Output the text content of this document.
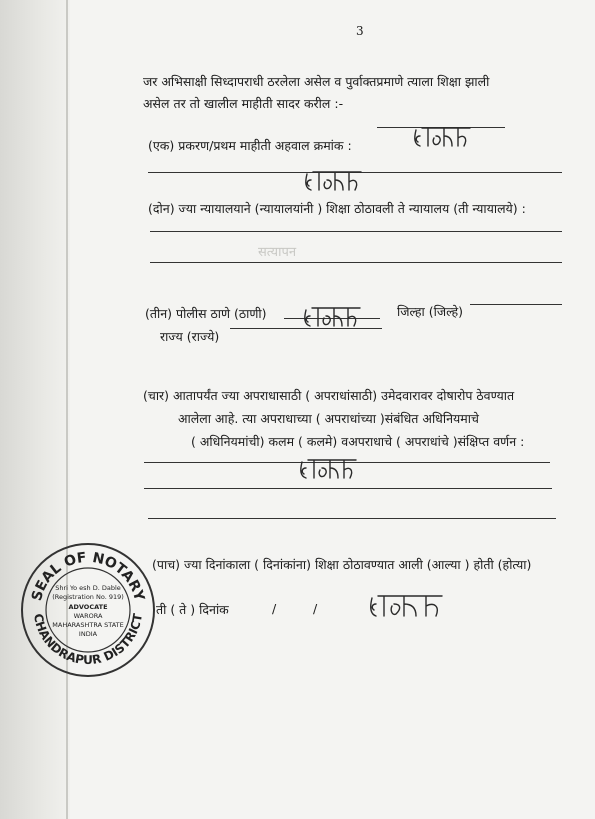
3
जर अभिसाक्षी सिध्दापराधी ठरलेला असेल व पुर्वाक्तप्रमाणे त्याला शिक्षा झाली
असेल तर तो खालील माहीती सादर करील :-
(एक) प्रकरण/प्रथम माहीती अहवाल क्रमांक :
(दोन) ज्या न्यायालयाने (न्यायालयांनी ) शिक्षा ठोठावली ते न्यायालय (ती न्यायालये) :
सत्यापन
(तीन) पोलीस ठाणे (ठाणी)	जिल्हा (जिल्हे)
राज्य (राज्ये)
(चार) आतापर्यंत ज्या अपराधासाठी ( अपराधांसाठी) उमेदवारावर दोषारोप ठेवण्यात
आलेला आहे. त्या अपराधाच्या ( अपराधांच्या )संबंधित अधिनियमाचे
( अधिनियमांची) कलम ( कलमे) वअपराधाचे ( अपराधांचे )संक्षिप्त वर्णन :
(पाच) ज्या दिनांकाला ( दिनांकांना) शिक्षा ठोठावण्यात आली (आल्या ) होती (होत्या)
ती ( ते ) दिनांक	/	/
SEAL OF NOTARY
CHANDRAPUR DISTRICT
Shri Yo esh D. Dable
(Registration No. 919)
ADVOCATE
WARORA
MAHARASHTRA STATE
INDIA
